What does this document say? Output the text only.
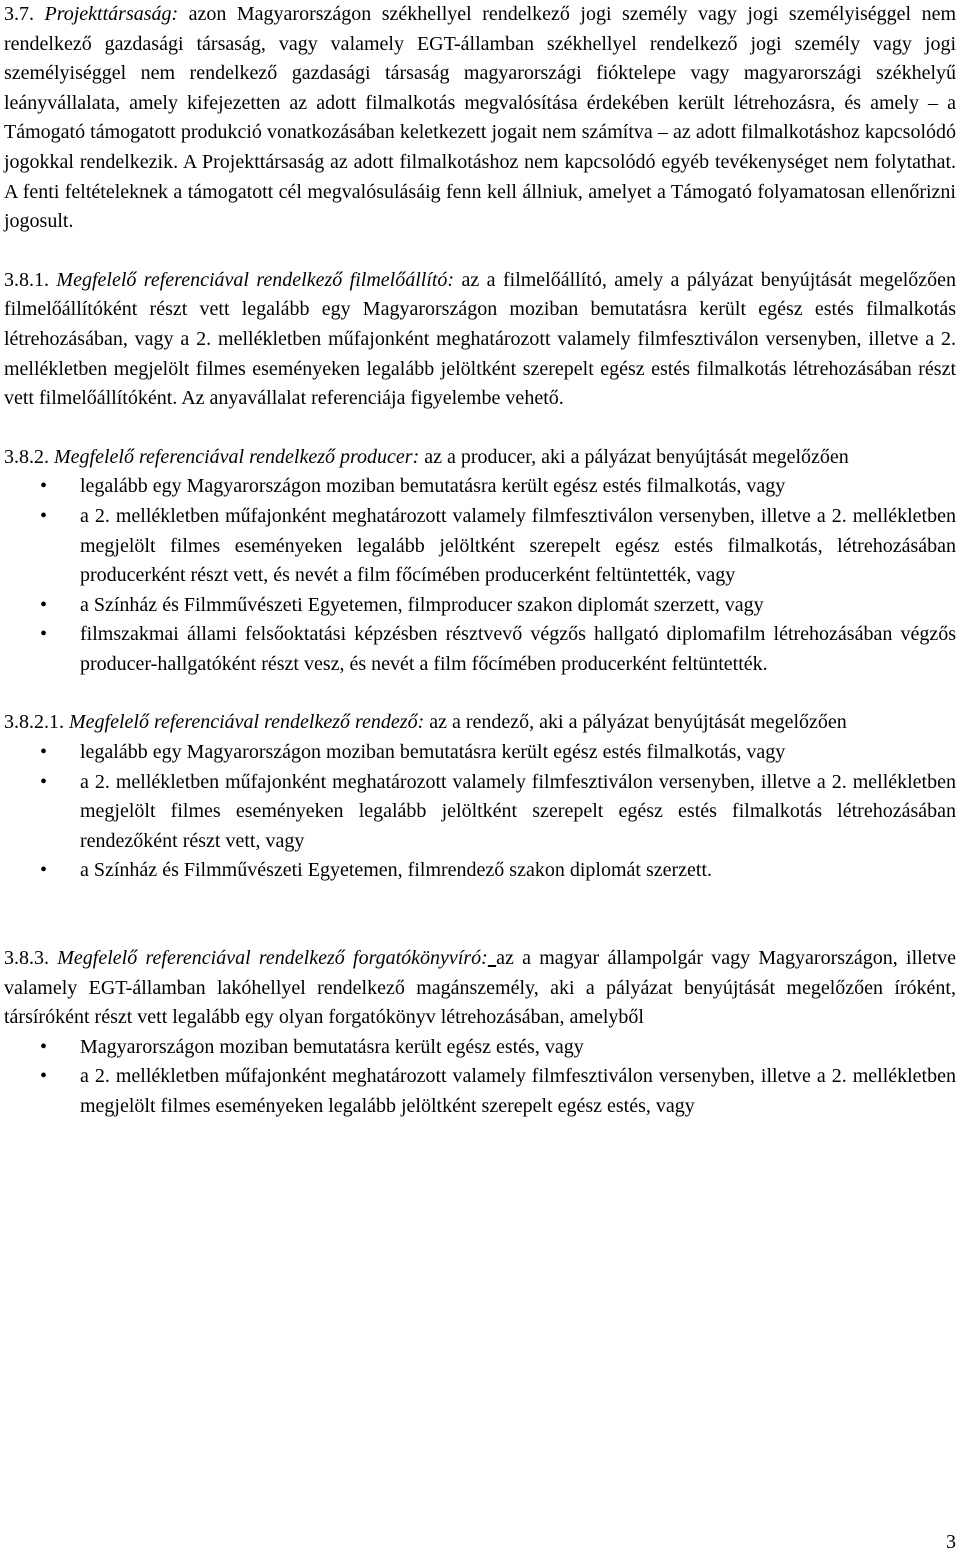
3.7. Projekttársaság: azon Magyarországon székhellyel rendelkező jogi személy vagy jogi személyiséggel nem rendelkező gazdasági társaság, vagy valamely EGT-államban székhellyel rendelkező jogi személy vagy jogi személyiséggel nem rendelkező gazdasági társaság magyarországi fióktelepe vagy magyarországi székhelyű leányvállalata, amely kifejezetten az adott filmalkotás megvalósítása érdekében került létrehozásra, és amely – a Támogató támogatott produkció vonatkozásában keletkezett jogait nem számítva – az adott filmalkotáshoz kapcsolódó jogokkal rendelkezik. A Projekttársaság az adott filmalkotáshoz nem kapcsolódó egyéb tevékenységet nem folytathat. A fenti feltételeknek a támogatott cél megvalósulásáig fenn kell állniuk, amelyet a Támogató folyamatosan ellenőrizni jogosult.

3.8.1. Megfelelő referenciával rendelkező filmelőállító: az a filmelőállító, amely a pályázat benyújtását megelőzően filmelőállítóként részt vett legalább egy Magyarországon moziban bemutatásra került egész estés filmalkotás létrehozásában, vagy a 2. mellékletben műfajonként meghatározott valamely filmfesztiválon versenyben, illetve a 2. mellékletben megjelölt filmes eseményeken legalább jelöltként szerepelt egész estés filmalkotás létrehozásában részt vett filmelőállítóként. Az anyavállalat referenciája figyelembe vehető.

3.8.2. Megfelelő referenciával rendelkező producer: az a producer, aki a pályázat benyújtását megelőzően

• legalább egy Magyarországon moziban bemutatásra került egész estés filmalkotás, vagy
• a 2. mellékletben műfajonként meghatározott valamely filmfesztiválon versenyben, illetve a 2. mellékletben megjelölt filmes eseményeken legalább jelöltként szerepelt egész estés filmalkotás, létrehozásában producerként részt vett, és nevét a film főcímében producerként feltüntették, vagy
• a Színház és Filmművészeti Egyetemen, filmproducer szakon diplomát szerzett, vagy
• filmszakmai állami felsőoktatási képzésben résztvevő végzős hallgató diplomafilm létrehozásában végzős producer-hallgatóként részt vesz, és nevét a film főcímében producerként feltüntették.

3.8.2.1. Megfelelő referenciával rendelkező rendező: az a rendező, aki a pályázat benyújtását megelőzően

• legalább egy Magyarországon moziban bemutatásra került egész estés filmalkotás, vagy
• a 2. mellékletben műfajonként meghatározott valamely filmfesztiválon versenyben, illetve a 2. mellékletben megjelölt filmes eseményeken legalább jelöltként szerepelt egész estés filmalkotás létrehozásában rendezőként részt vett, vagy
• a Színház és Filmművészeti Egyetemen, filmrendező szakon diplomát szerzett.

3.8.3. Megfelelő referenciával rendelkező forgatókönyvíró: az a magyar állampolgár vagy Magyarországon, illetve valamely EGT-államban lakóhellyel rendelkező magánszemély, aki a pályázat benyújtását megelőzően íróként, társíróként részt vett legalább egy olyan forgatókönyv létrehozásában, amelyből

• Magyarországon moziban bemutatásra került egész estés, vagy
• a 2. mellékletben műfajonként meghatározott valamely filmfesztiválon versenyben, illetve a 2. mellékletben megjelölt filmes eseményeken legalább jelöltként szerepelt egész estés, vagy
3
